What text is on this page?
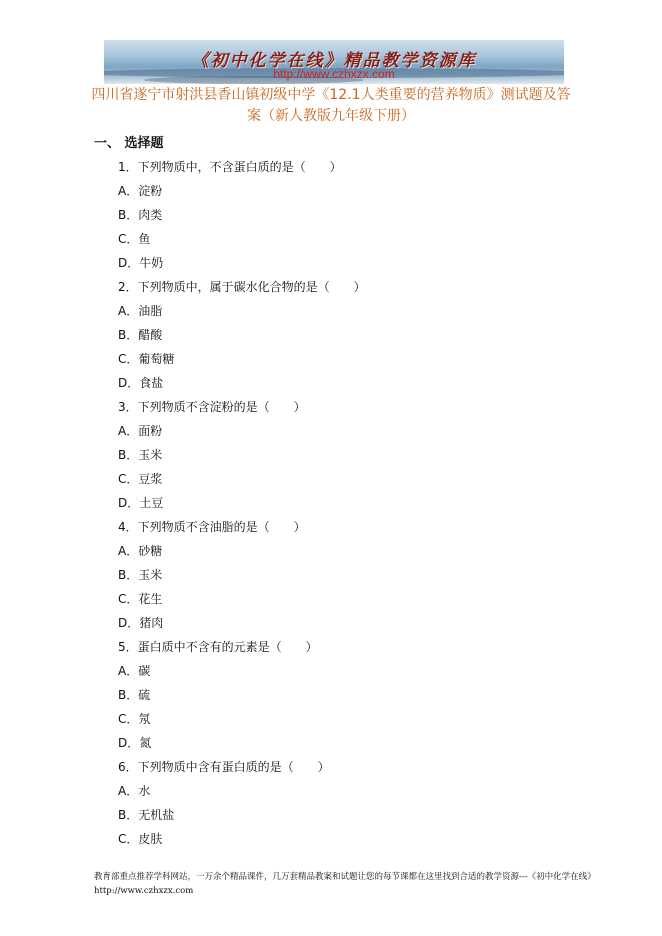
《初中化学在线》精品教学资源库
http://www.czhxzx.com
四川省遂宁市射洪县香山镇初级中学《12.1人类重要的营养物质》测试题及答案（新人教版九年级下册）
一、 选择题
1．下列物质中，不含蛋白质的是（　　）
A．淀粉
B．肉类
C．鱼
D．牛奶
2．下列物质中，属于碳水化合物的是（　　）
A．油脂
B．醋酸
C．葡萄糖
D．食盐
3．下列物质不含淀粉的是（　　）
A．面粉
B．玉米
C．豆浆
D．土豆
4．下列物质不含油脂的是（　　）
A．砂糖
B．玉米
C．花生
D．猪肉
5．蛋白质中不含有的元素是（　　）
A．碳
B．硫
C．氖
D．氮
6．下列物质中含有蛋白质的是（　　）
A．水
B．无机盐
C．皮肤
教育部重点推荐学科网站，一万余个精品课件，几万套精品教案和试题让您的每节课都在这里找到合适的教学资源---《初中化学在线》http://www.czhxzx.com
